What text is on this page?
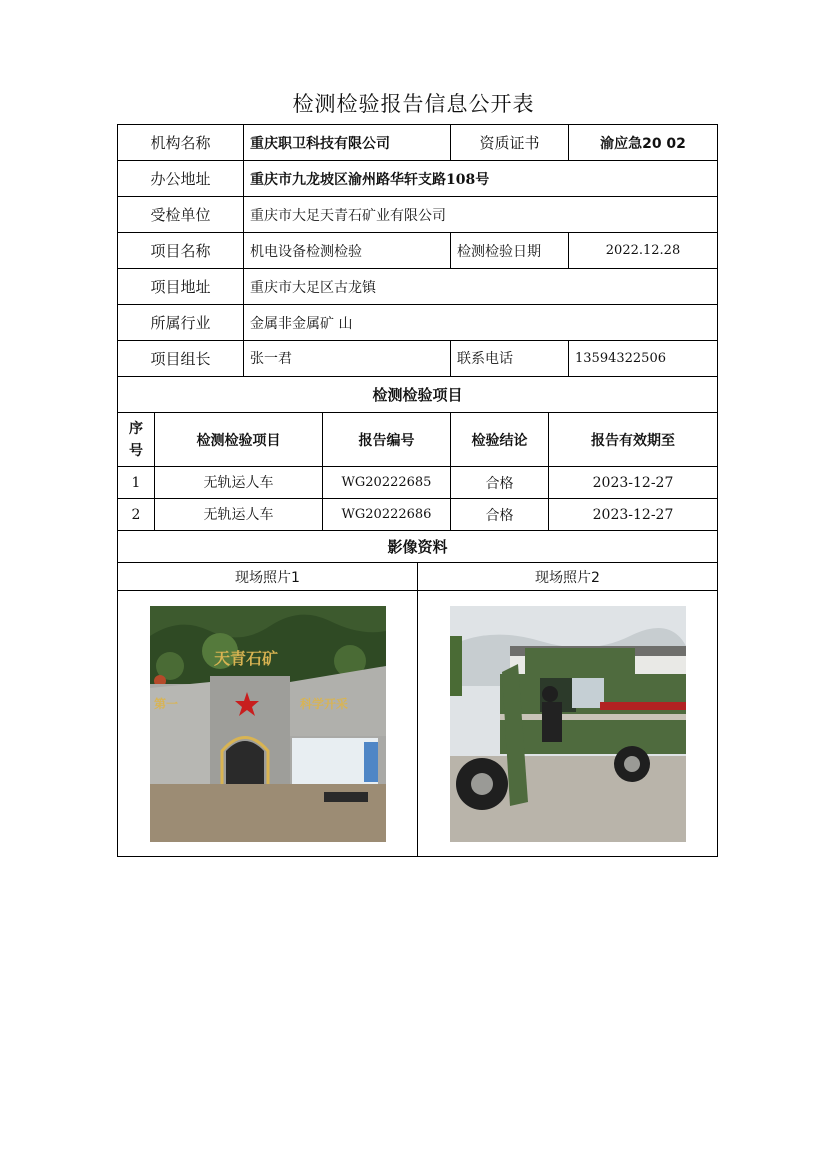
检测检验报告信息公开表
机构名称	重庆职卫科技有限公司	资质证书	渝应急20 02
办公地址	重庆市九龙坡区渝州路华轩支路108号		
受检单位	重庆市大足天青石矿业有限公司		
项目名称	机电设备检测检验	检测检验日期	2022.12.28
项目地址	重庆市大足区古龙镇		
所属行业	金属非金属矿 山		
项目组长	张一君	联系电话	13594322506
检测检验项目			
序号	检测检验项目	报告编号	检验结论	报告有效期至
1	无轨运人车	WG20222685	合格	2023-12-27
2	无轨运人车	WG20222686	合格	2023-12-27
影像资料				
现场照片1	现场照片2

天青石矿
第一 科学开采
